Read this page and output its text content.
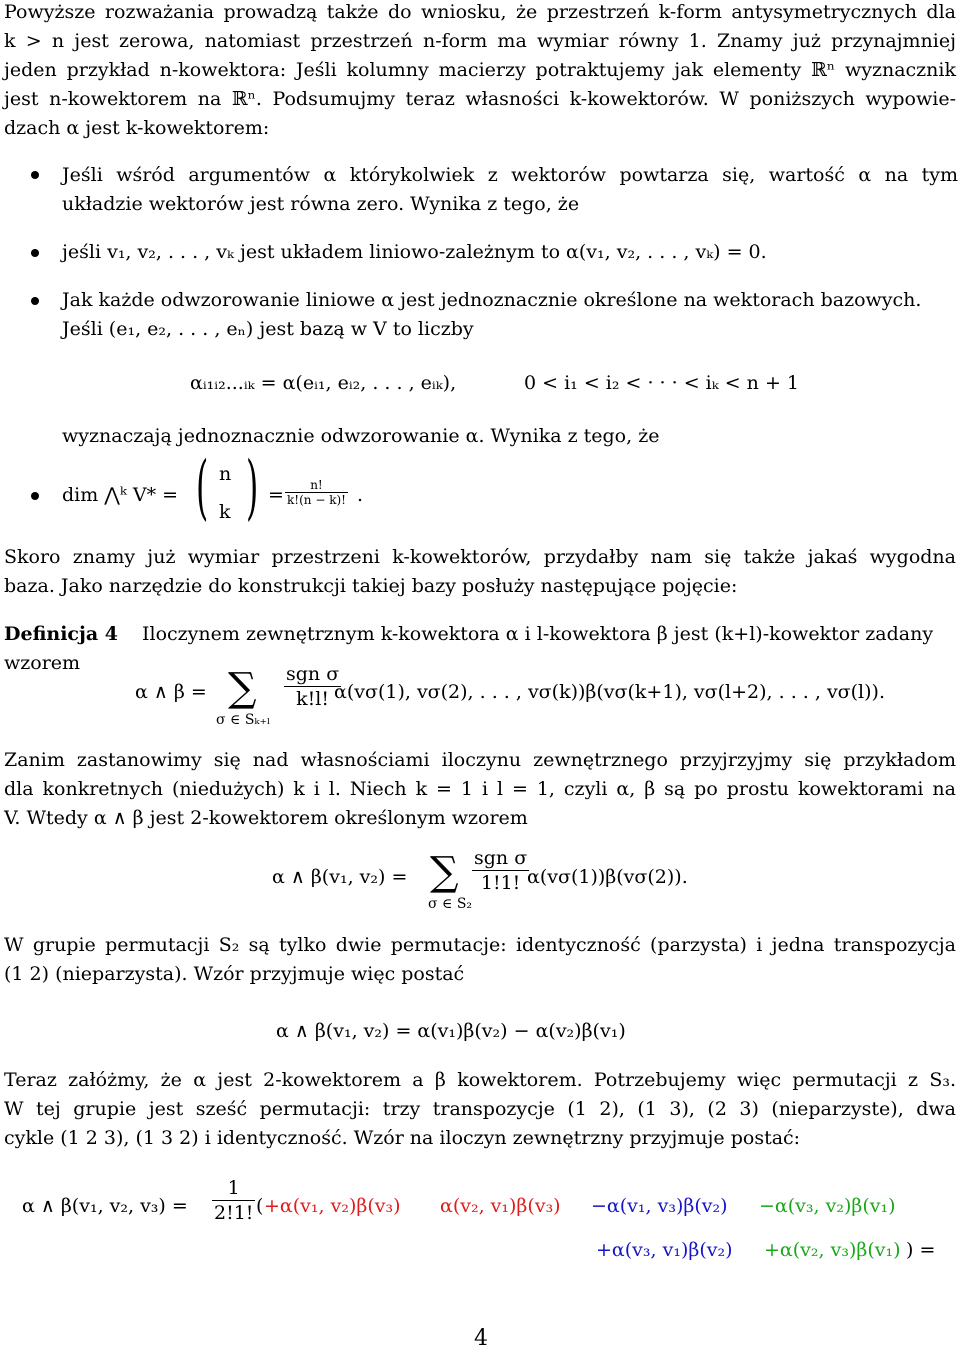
Powyższe rozważania prowadzą także do wniosku, że przestrzeń k-form antysymetrycznych dla
k > n jest zerowa, natomiast przestrzeń n-form ma wymiar równy 1. Znamy już przynajmniej
jeden przykład n-kowektora: Jeśli kolumny macierzy potraktujemy jak elementy ℝⁿ wyznacznik
jest n-kowektorem na ℝⁿ. Podsumujmy teraz własności k-kowektorów. W poniższych wypowie-
dzach α jest k-kowektorem:
Jeśli wśród argumentów α którykolwiek z wektorów powtarza się, wartość α na tym
układzie wektorów jest równa zero. Wynika z tego, że
jeśli v₁, v₂, . . . , vₖ jest układem liniowo-zależnym to α(v₁, v₂, . . . , vₖ) = 0.
Jak każde odwzorowanie liniowe α jest jednoznacznie określone na wektorach bazowych.
Jeśli (e₁, e₂, . . . , eₙ) jest bazą w V to liczby
αᵢ₁ᵢ₂...ᵢₖ = α(eᵢ₁, eᵢ₂, . . . , eᵢₖ),	0 < i₁ < i₂ < · · · < iₖ < n + 1
wyznaczają jednoznacznie odwzorowanie α. Wynika z tego, że
dim ⋀ᵏ V* = ( n
k ) =	n!
k!(n − k)! .
Skoro znamy już wymiar przestrzeni k-kowektorów, przydałby nam się także jakaś wygodna
baza. Jako narzędzie do konstrukcji takiej bazy posłuży następujące pojęcie:
Definicja 4 Iloczynem zewnętrznym k-kowektora α i l-kowektora β jest (k+l)-kowektor zadany
wzorem
α ∧ β = ∑
σ ∈ Sₖ₊ₗ
sgn σ
k!l! α(vσ(1), vσ(2), . . . , vσ(k))β(vσ(k+1), vσ(l+2), . . . , vσ(l)).
Zanim zastanowimy się nad własnościami iloczynu zewnętrznego przyjrzyjmy się przykładom
dla konkretnych (niedużych) k i l. Niech k = 1 i l = 1, czyli α, β są po prostu kowektorami na
V. Wtedy α ∧ β jest 2-kowektorem określonym wzorem
α ∧ β(v₁, v₂) = ∑
σ ∈ S₂
sgn σ
1!1! α(vσ(1))β(vσ(2)).
W grupie permutacji S₂ są tylko dwie permutacje: identyczność (parzysta) i jedna transpozycja
(1 2) (nieparzysta). Wzór przyjmuje więc postać
α ∧ β(v₁, v₂) = α(v₁)β(v₂) − α(v₂)β(v₁)
Teraz załóżmy, że α jest 2-kowektorem a β kowektorem. Potrzebujemy więc permutacji z S₃.
W tej grupie jest sześć permutacji: trzy transpozycje (1 2), (1 3), (2 3) (nieparzyste), dwa
cykle (1 2 3), (1 3 2) i identyczność. Wzór na iloczyn zewnętrzny przyjmuje postać:
α ∧ β(v₁, v₂, v₃) =
1
2!1! ( +α(v₁, v₂)β(v₃) α(v₂, v₁)β(v₃) −α(v₁, v₃)β(v₂) −α(v₃, v₂)β(v₁)
+α(v₃, v₁)β(v₂) +α(v₂, v₃)β(v₁) ) =
4
